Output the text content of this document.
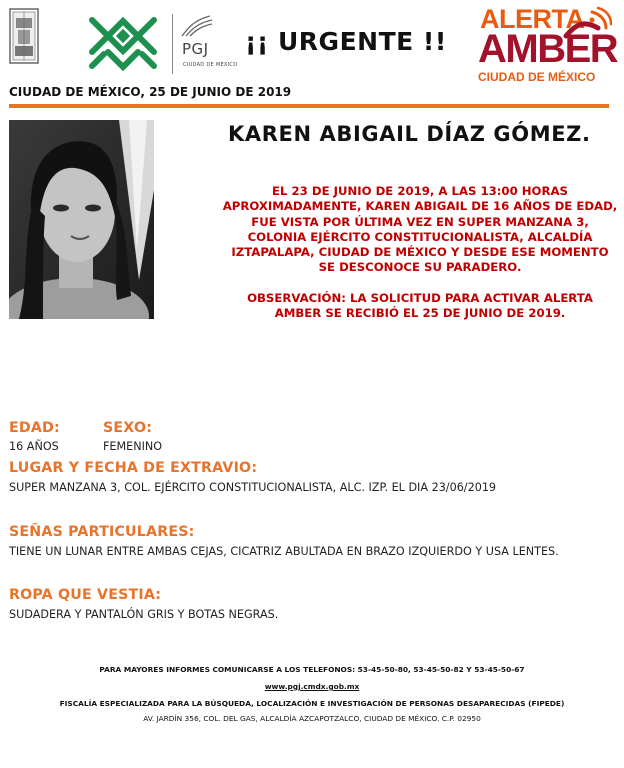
PGJ
CIUDAD DE MÉXICO
¡¡ URGENTE !!
ALERTA
AMBER
CIUDAD DE MÉXICO
CIUDAD DE MÉXICO, 25 DE JUNIO DE 2019
KAREN ABIGAIL DÍAZ GÓMEZ.

EL 23 DE JUNIO DE 2019, A LAS 13:00 HORAS APROXIMADAMENTE, KAREN ABIGAIL DE 16 AÑOS DE EDAD, FUE VISTA POR ÚLTIMA VEZ EN SUPER MANZANA 3, COLONIA EJÉRCITO CONSTITUCIONALISTA, ALCALDÍA IZTAPALAPA, CIUDAD DE MÉXICO Y DESDE ESE MOMENTO SE DESCONOCE SU PARADERO.

OBSERVACIÓN: LA SOLICITUD PARA ACTIVAR ALERTA AMBER SE RECIBIÓ EL 25 DE JUNIO DE 2019.

EDAD:	SEXO:
16 AÑOS	FEMENINO
LUGAR Y FECHA DE EXTRAVIO:
SUPER MANZANA 3, COL. EJÉRCITO CONSTITUCIONALISTA, ALC. IZP. EL DIA 23/06/2019
SEÑAS PARTICULARES:
TIENE UN LUNAR ENTRE AMBAS CEJAS, CICATRIZ ABULTADA EN BRAZO IZQUIERDO Y USA LENTES.
ROPA QUE VESTIA:
SUDADERA Y PANTALÓN GRIS Y BOTAS NEGRAS.
PARA MAYORES INFORMES COMUNICARSE A LOS TELEFONOS: 53-45-50-80, 53-45-50-82 Y 53-45-50-67
www.pgj.cmdx.gob.mx
FISCALÍA ESPECIALIZADA PARA LA BÚSQUEDA, LOCALIZACIÓN E INVESTIGACIÓN DE PERSONAS DESAPARECIDAS (FIPEDE)
AV. JARDÍN 356, COL. DEL GAS, ALCALDÍA AZCAPOTZALCO, CIUDAD DE MÉXICO. C.P. 02950
